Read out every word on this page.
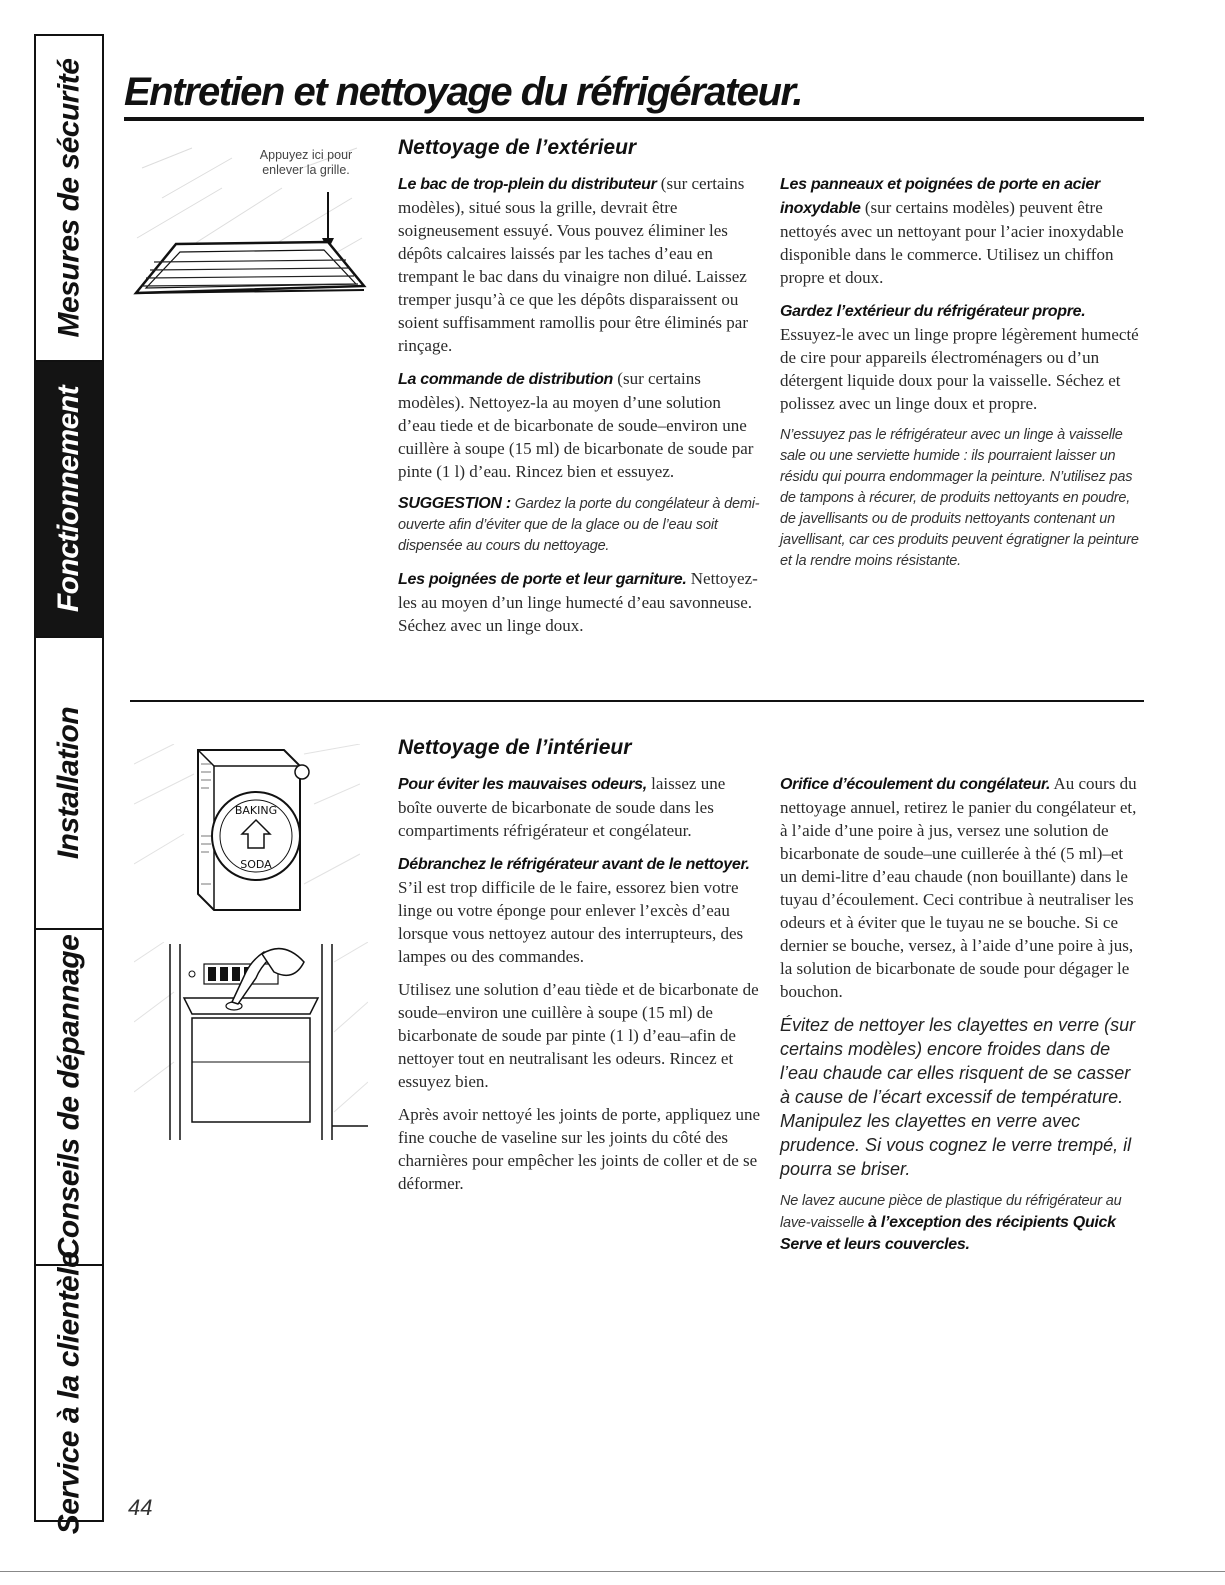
Mesures de sécurité
Fonctionnement
Installation
Conseils de dépannage
Service à la clientèle
Entretien et nettoyage du réfrigérateur.
Appuyez ici pour enlever la grille.
Nettoyage de l’extérieur

Le bac de trop-plein du distributeur (sur certains modèles), situé sous la grille, devrait être soigneusement essuyé. Vous pouvez éliminer les dépôts calcaires laissés par les taches d’eau en trempant le bac dans du vinaigre non dilué. Laissez tremper jusqu’à ce que les dépôts disparaissent ou soient suffisamment ramollis pour être éliminés par rinçage.

La commande de distribution (sur certains modèles). Nettoyez-la au moyen d’une solution d’eau tiede et de bicarbonate de soude–environ une cuillère à soupe (15 ml) de bicarbonate de soude par pinte (1 l) d’eau. Rincez bien et essuyez.

SUGGESTION : Gardez la porte du congélateur à demi-ouverte afin d’éviter que de la glace ou de l’eau soit dispensée au cours du nettoyage.

Les poignées de porte et leur garniture. Nettoyez-les au moyen d’un linge humecté d’eau savonneuse. Séchez avec un linge doux.

Les panneaux et poignées de porte en acier inoxydable (sur certains modèles) peuvent être nettoyés avec un nettoyant pour l’acier inoxydable disponible dans le commerce. Utilisez un chiffon propre et doux.

Gardez l’extérieur du réfrigérateur propre. Essuyez-le avec un linge propre légèrement humecté de cire pour appareils électroménagers ou d’un détergent liquide doux pour la vaisselle. Séchez et polissez avec un linge doux et propre.

N’essuyez pas le réfrigérateur avec un linge à vaisselle sale ou une serviette humide : ils pourraient laisser un résidu qui pourra endommager la peinture. N’utilisez pas de tampons à récurer, de produits nettoyants en poudre, de javellisants ou de produits nettoyants contenant un javellisant, car ces produits peuvent égratigner la peinture et la rendre moins résistante.

BAKING
SODA
Nettoyage de l’intérieur

Pour éviter les mauvaises odeurs, laissez une boîte ouverte de bicarbonate de soude dans les compartiments réfrigérateur et congélateur.

Débranchez le réfrigérateur avant de le nettoyer. S’il est trop difficile de le faire, essorez bien votre linge ou votre éponge pour enlever l’excès d’eau lorsque vous nettoyez autour des interrupteurs, des lampes ou des commandes.

Utilisez une solution d’eau tiède et de bicarbonate de soude–environ une cuillère à soupe (15 ml) de bicarbonate de soude par pinte (1 l) d’eau–afin de nettoyer tout en neutralisant les odeurs. Rincez et essuyez bien.

Après avoir nettoyé les joints de porte, appliquez une fine couche de vaseline sur les joints du côté des charnières pour empêcher les joints de coller et de se déformer.

Orifice d’écoulement du congélateur. Au cours du nettoyage annuel, retirez le panier du congélateur et, à l’aide d’une poire à jus, versez une solution de bicarbonate de soude–une cuillerée à thé (5 ml)–et un demi-litre d’eau chaude (non bouillante) dans le tuyau d’écoulement. Ceci contribue à neutraliser les odeurs et à éviter que le tuyau ne se bouche. Si ce dernier se bouche, versez, à l’aide d’une poire à jus, la solution de bicarbonate de soude pour dégager le bouchon.

Évitez de nettoyer les clayettes en verre (sur certains modèles) encore froides dans de l’eau chaude car elles risquent de se casser à cause de l’écart excessif de température. Manipulez les clayettes en verre avec prudence. Si vous cognez le verre trempé, il pourra se briser.

Ne lavez aucune pièce de plastique du réfrigérateur au lave-vaisselle à l’exception des récipients Quick Serve et leurs couvercles.

44
